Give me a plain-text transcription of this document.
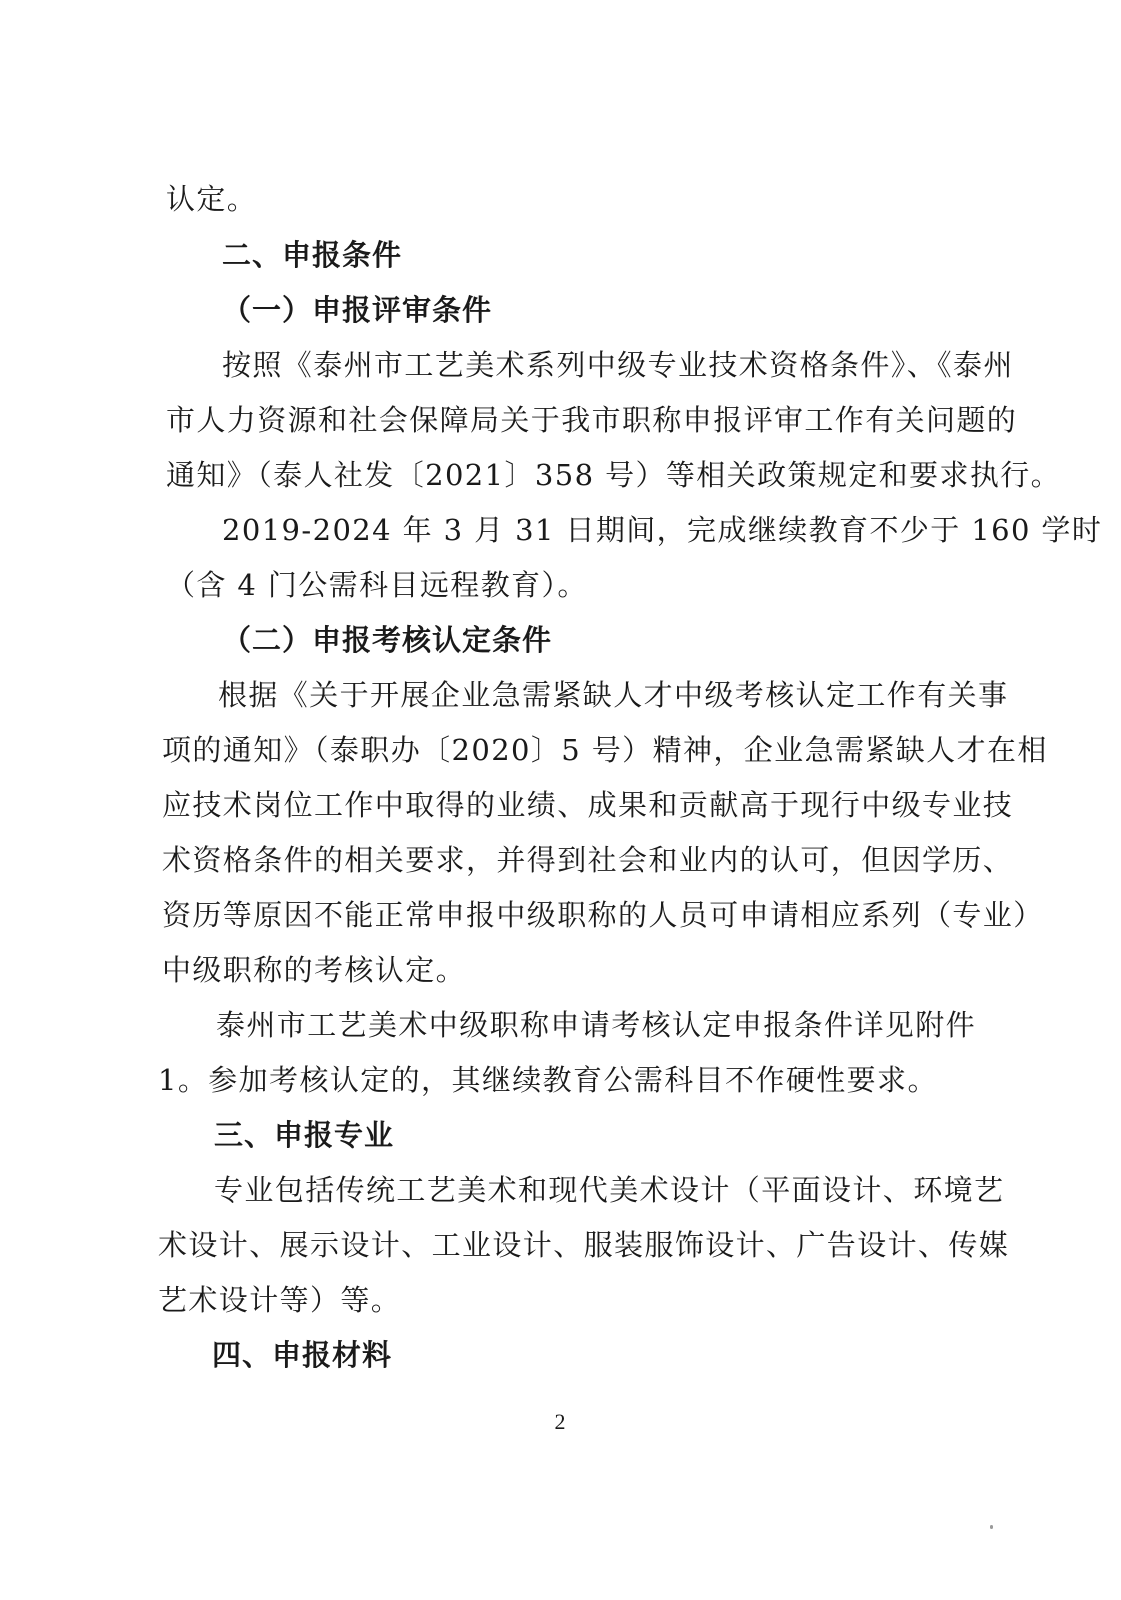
认定。
二、申报条件
（一）申报评审条件
按照《泰州市工艺美术系列中级专业技术资格条件》、《泰州
市人力资源和社会保障局关于我市职称申报评审工作有关问题的
通知》（泰人社发〔2021〕358 号）等相关政策规定和要求执行。
2019-2024 年 3 月 31 日期间，完成继续教育不少于 160 学时
（含 4 门公需科目远程教育）。
（二）申报考核认定条件
根据《关于开展企业急需紧缺人才中级考核认定工作有关事
项的通知》（泰职办〔2020〕5 号）精神，企业急需紧缺人才在相
应技术岗位工作中取得的业绩、成果和贡献高于现行中级专业技
术资格条件的相关要求，并得到社会和业内的认可，但因学历、
资历等原因不能正常申报中级职称的人员可申请相应系列（专业）
中级职称的考核认定。
泰州市工艺美术中级职称申请考核认定申报条件详见附件
1。参加考核认定的，其继续教育公需科目不作硬性要求。
三、申报专业
专业包括传统工艺美术和现代美术设计（平面设计、环境艺
术设计、展示设计、工业设计、服装服饰设计、广告设计、传媒
艺术设计等）等。
四、申报材料
2
